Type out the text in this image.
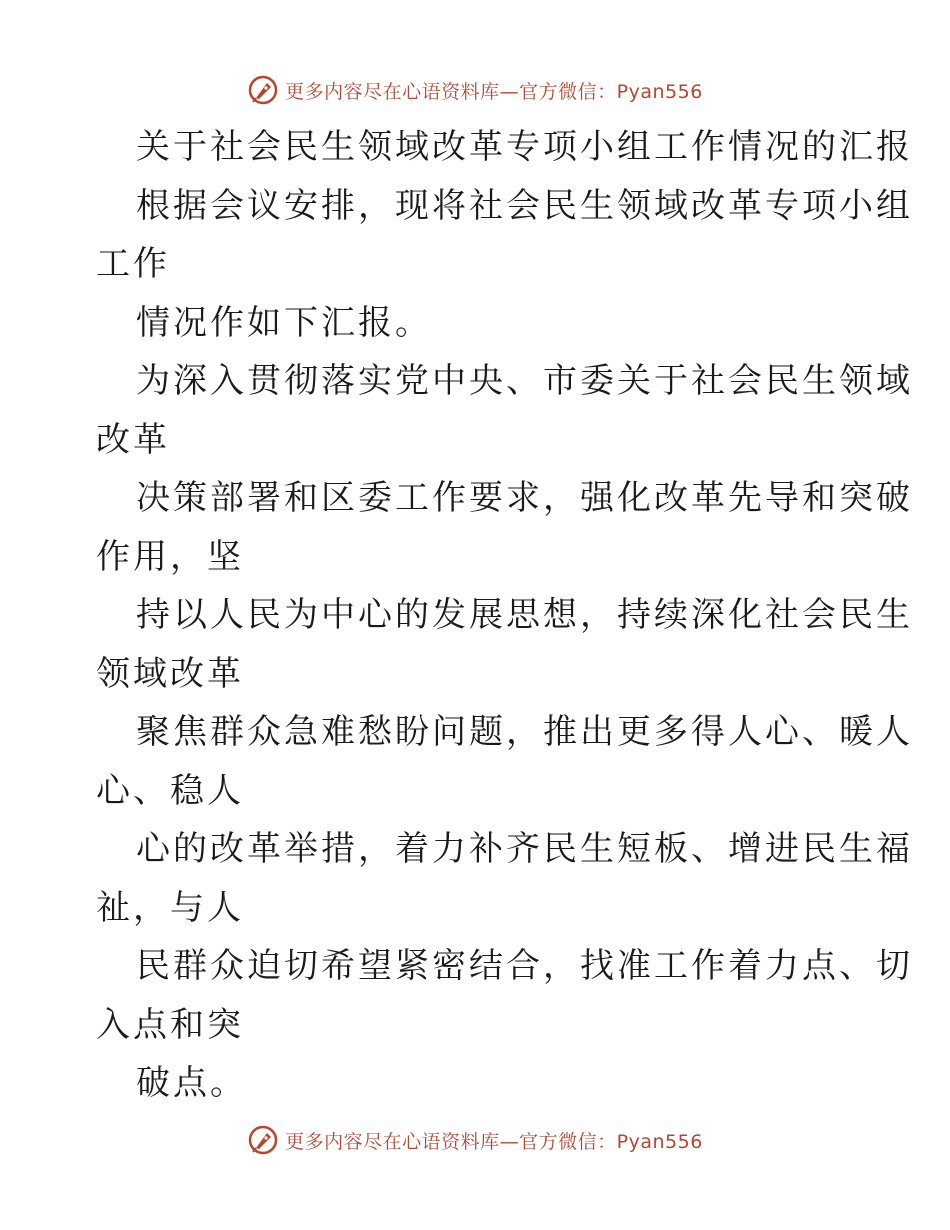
更多内容尽在心语资料库—官方微信：Pyan556
关于社会民生领域改革专项小组工作情况的汇报
根据会议安排，现将社会民生领域改革专项小组
工作
情况作如下汇报。
为深入贯彻落实党中央、市委关于社会民生领域
改革
决策部署和区委工作要求，强化改革先导和突破
作用，坚
持以人民为中心的发展思想，持续深化社会民生
领域改革
聚焦群众急难愁盼问题，推出更多得人心、暖人
心、稳人
心的改革举措，着力补齐民生短板、增进民生福
祉，与人
民群众迫切希望紧密结合，找准工作着力点、切
入点和突
破点。
更多内容尽在心语资料库—官方微信：Pyan556
